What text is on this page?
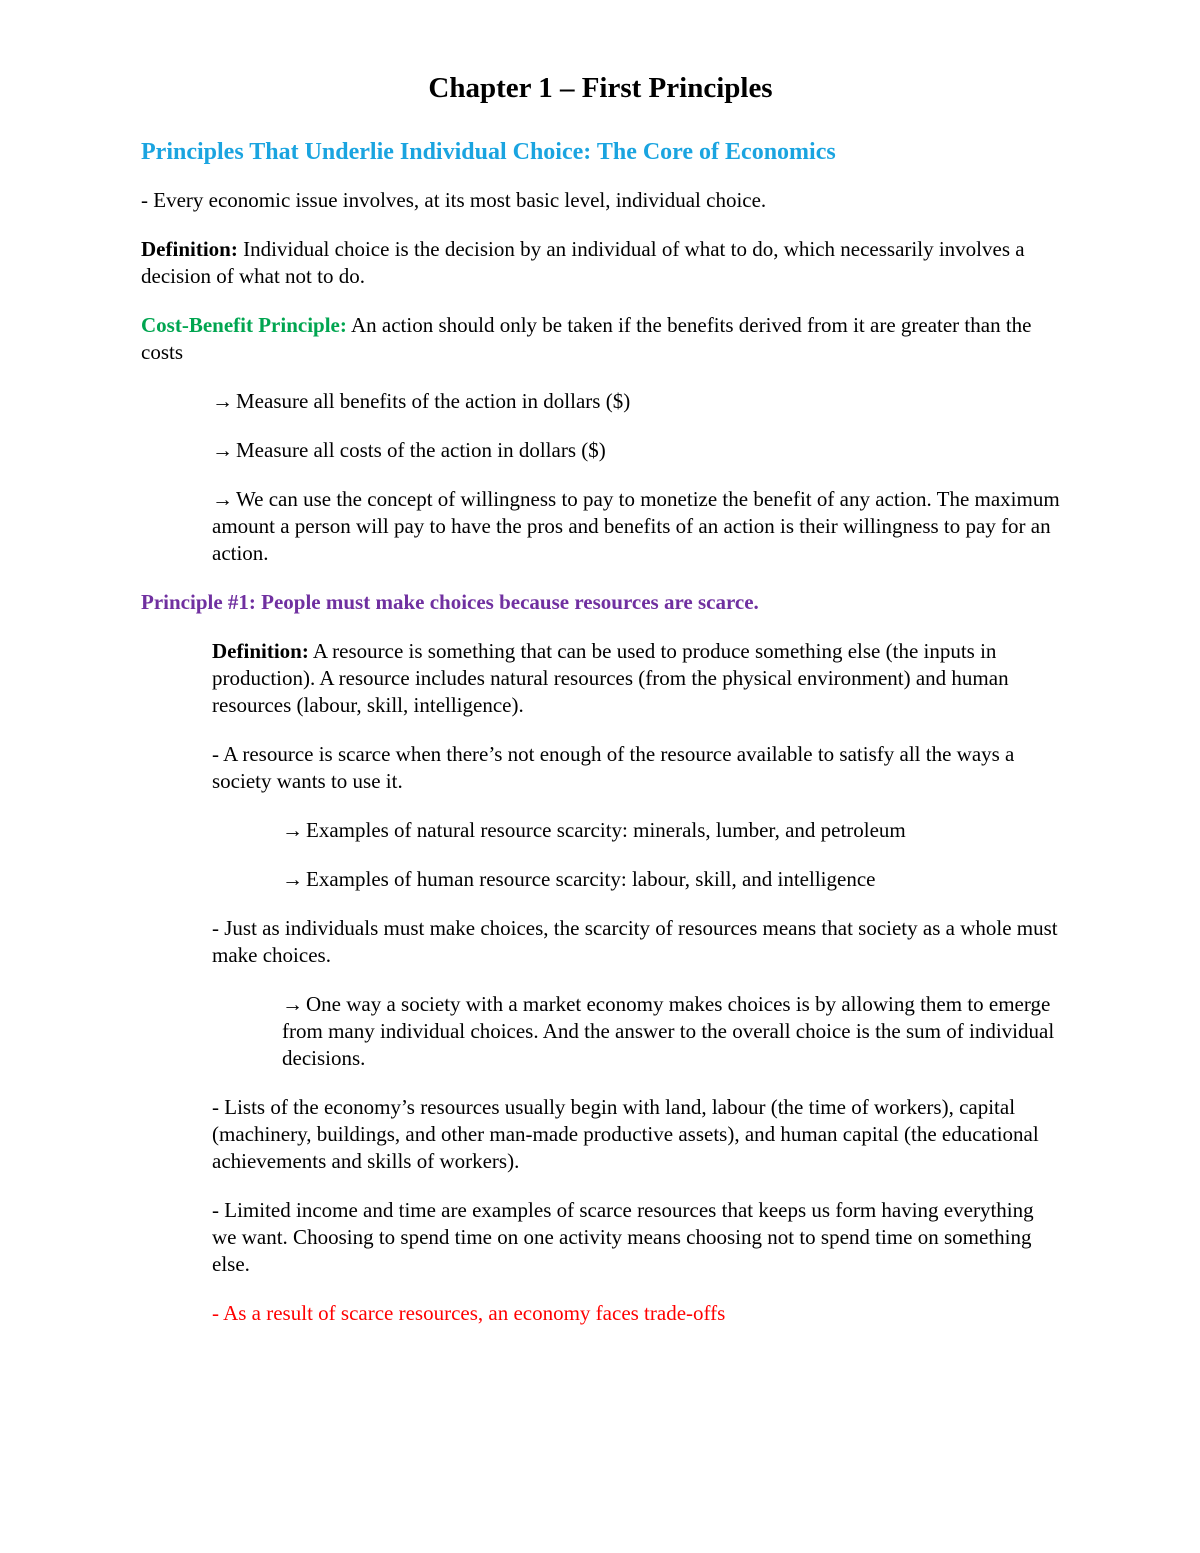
Chapter 1 – First Principles
Principles That Underlie Individual Choice: The Core of Economics

- Every economic issue involves, at its most basic level, individual choice.

Definition: Individual choice is the decision by an individual of what to do, which necessarily involves a decision of what not to do.

Cost-Benefit Principle: An action should only be taken if the benefits derived from it are greater than the costs

→ Measure all benefits of the action in dollars ($)

→ Measure all costs of the action in dollars ($)

→ We can use the concept of willingness to pay to monetize the benefit of any action. The maximum amount a person will pay to have the pros and benefits of an action is their willingness to pay for an action.

Principle #1: People must make choices because resources are scarce.

Definition: A resource is something that can be used to produce something else (the inputs in production). A resource includes natural resources (from the physical environment) and human resources (labour, skill, intelligence).

- A resource is scarce when there’s not enough of the resource available to satisfy all the ways a society wants to use it.

→ Examples of natural resource scarcity: minerals, lumber, and petroleum

→ Examples of human resource scarcity: labour, skill, and intelligence

- Just as individuals must make choices, the scarcity of resources means that society as a whole must make choices.

→ One way a society with a market economy makes choices is by allowing them to emerge from many individual choices. And the answer to the overall choice is the sum of individual decisions.

- Lists of the economy’s resources usually begin with land, labour (the time of workers), capital (machinery, buildings, and other man-made productive assets), and human capital (the educational achievements and skills of workers).

- Limited income and time are examples of scarce resources that keeps us form having everything we want. Choosing to spend time on one activity means choosing not to spend time on something else.

- As a result of scarce resources, an economy faces trade-offs
